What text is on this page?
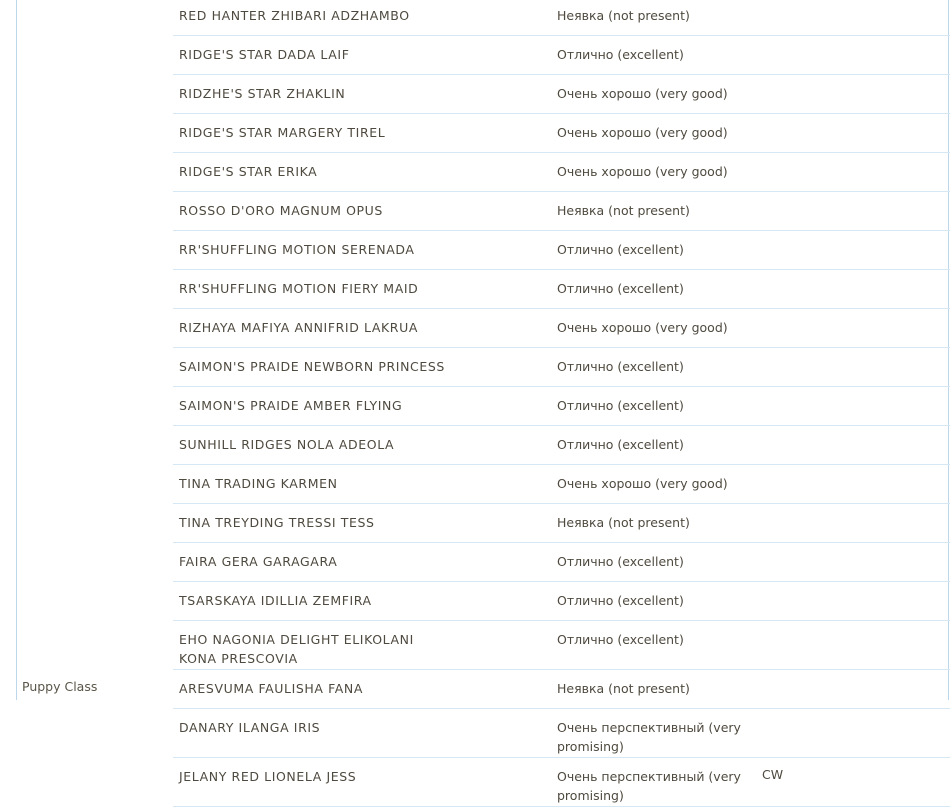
	RED HANTER ZHIBARI ADZHAMBO	Неявка (not present)	

	RIDGE'S STAR DADA LAIF	Отлично (excellent)	

	RIDZHE'S STAR ZHAKLIN	Очень хорошо (very good)	

	RIDGE'S STAR MARGERY TIREL	Очень хорошо (very good)	

	RIDGE'S STAR ERIKA	Очень хорошо (very good)	

	ROSSO D'ORO MAGNUM OPUS	Неявка (not present)	

	RR'SHUFFLING MOTION SERENADA	Отлично (excellent)	

	RR'SHUFFLING MOTION FIERY MAID	Отлично (excellent)	

	RIZHAYA MAFIYA ANNIFRID LAKRUA	Очень хорошо (very good)	

	SAIMON'S PRAIDE NEWBORN PRINCESS	Отлично (excellent)	

	SAIMON'S PRAIDE AMBER FLYING	Отлично (excellent)	

	SUNHILL RIDGES NOLA ADEOLA	Отлично (excellent)	

	TINA TRADING KARMEN	Очень хорошо (very good)	

	TINA TREYDING TRESSI TESS	Неявка (not present)	

	FAIRA GERA GARAGARA	Отлично (excellent)	

	TSARSKAYA IDILLIA ZEMFIRA	Отлично (excellent)	

	EHO NAGONIA DELIGHT ELIKOLANI KONA PRESCOVIA	Отлично (excellent)	

Puppy Class	ARESVUMA FAULISHA FANA	Неявка (not present)	

	DANARY ILANGA IRIS	Очень перспективный (very promising)	

	JELANY RED LIONELA JESS	Очень перспективный (very promising)	CW
